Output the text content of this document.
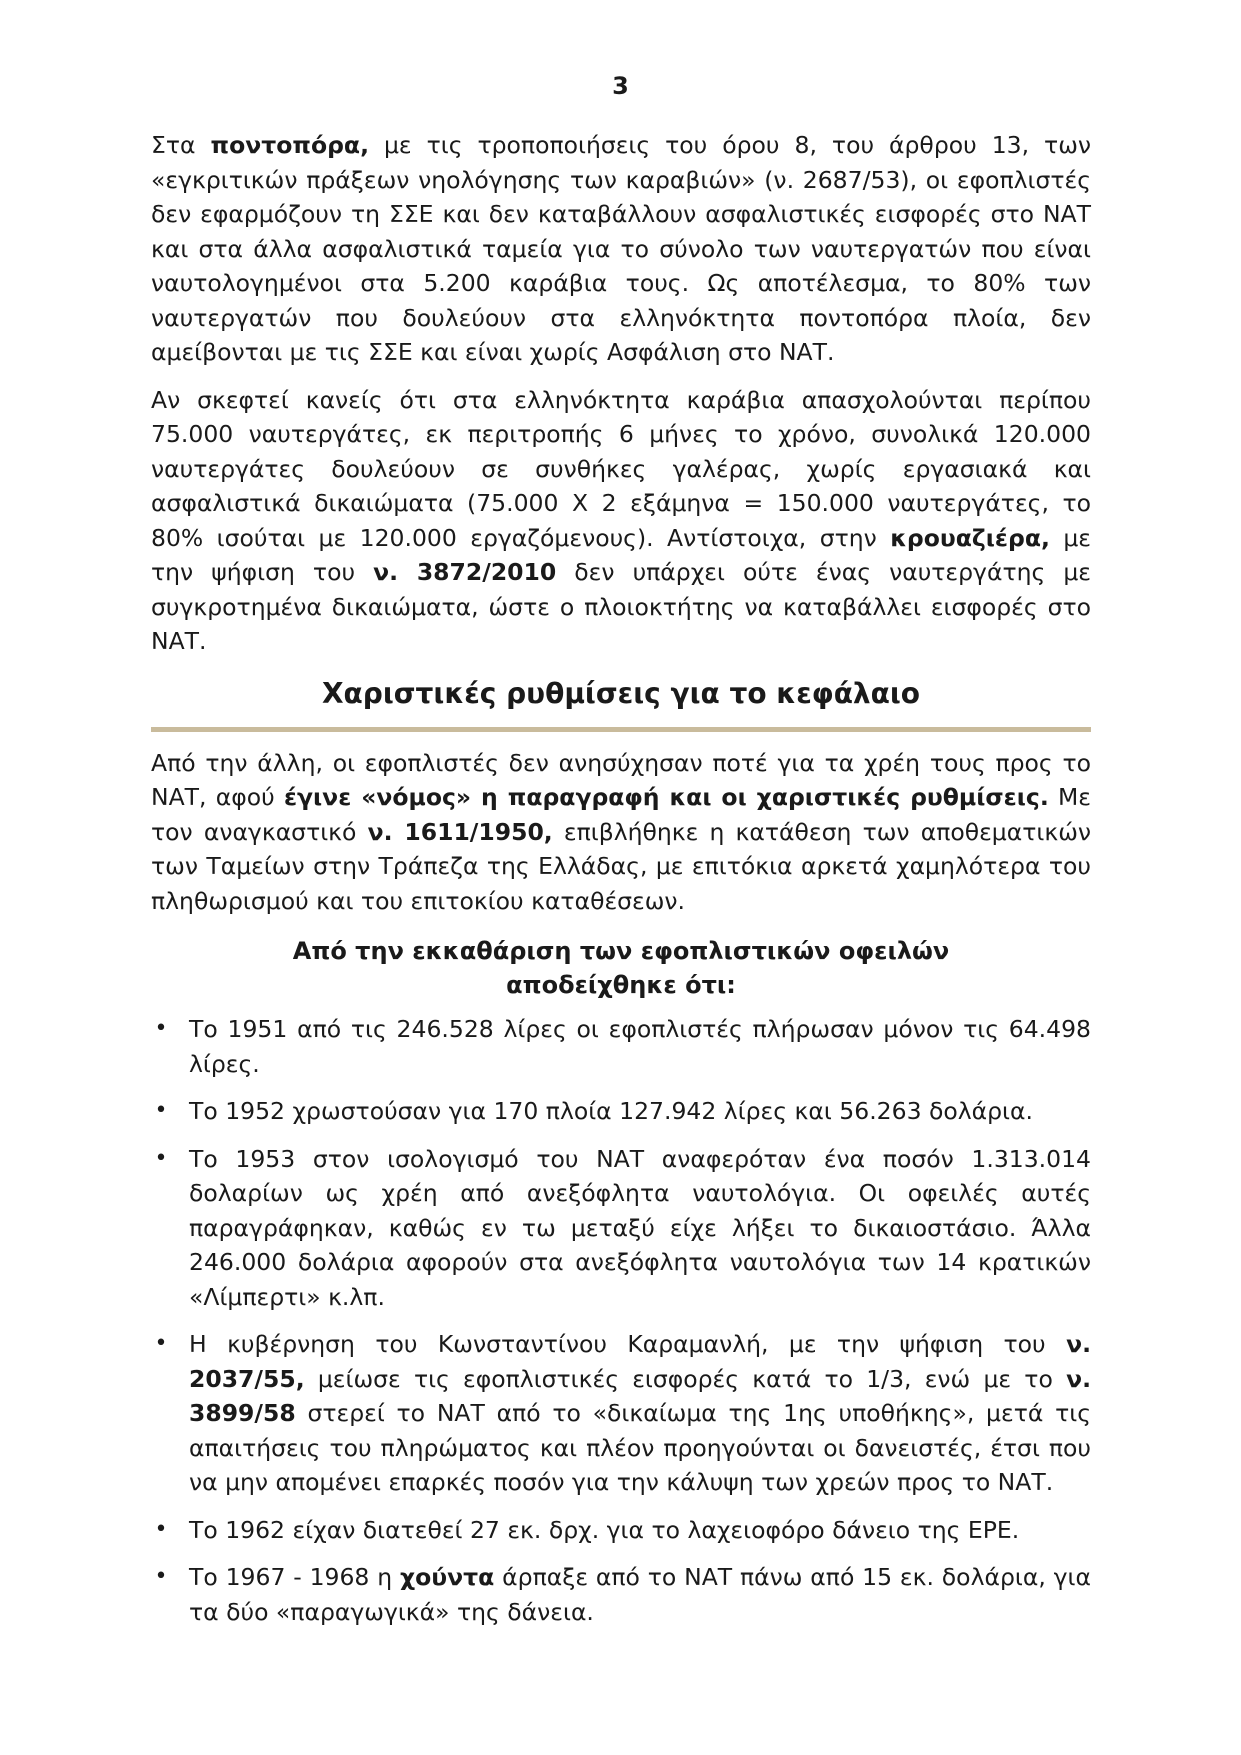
3

Στα ποντοπόρα, με τις τροποποιήσεις του όρου 8, του άρθρου 13, των «εγκριτικών πράξεων νηολόγησης των καραβιών» (ν. 2687/53), οι εφοπλιστές δεν εφαρμόζουν τη ΣΣΕ και δεν καταβάλλουν ασφαλιστικές εισφορές στο ΝΑΤ και στα άλλα ασφαλιστικά ταμεία για το σύνολο των ναυτεργατών που είναι ναυτολογημένοι στα 5.200 καράβια τους. Ως αποτέλεσμα, το 80% των ναυτεργατών που δουλεύουν στα ελληνόκτητα ποντοπόρα πλοία, δεν αμείβονται με τις ΣΣΕ και είναι χωρίς Ασφάλιση στο ΝΑΤ.

Αν σκεφτεί κανείς ότι στα ελληνόκτητα καράβια απασχολούνται περίπου 75.000 ναυτεργάτες, εκ περιτροπής 6 μήνες το χρόνο, συνολικά 120.000 ναυτεργάτες δουλεύουν σε συνθήκες γαλέρας, χωρίς εργασιακά και ασφαλιστικά δικαιώματα (75.000 Χ 2 εξάμηνα = 150.000 ναυτεργάτες, το 80% ισούται με 120.000 εργαζόμενους). Αντίστοιχα, στην κρουαζιέρα, με την ψήφιση του ν. 3872/2010 δεν υπάρχει ούτε ένας ναυτεργάτης με συγκροτημένα δικαιώματα, ώστε ο πλοιοκτήτης να καταβάλλει εισφορές στο ΝΑΤ.

Χαριστικές ρυθμίσεις για το κεφάλαιο

Από την άλλη, οι εφοπλιστές δεν ανησύχησαν ποτέ για τα χρέη τους προς το ΝΑΤ, αφού έγινε «νόμος» η παραγραφή και οι χαριστικές ρυθμίσεις. Με τον αναγκαστικό ν. 1611/1950, επιβλήθηκε η κατάθεση των αποθεματικών των Ταμείων στην Τράπεζα της Ελλάδας, με επιτόκια αρκετά χαμηλότερα του πληθωρισμού και του επιτοκίου καταθέσεων.

Από την εκκαθάριση των εφοπλιστικών οφειλών
αποδείχθηκε ότι:
• Το 1951 από τις 246.528 λίρες οι εφοπλιστές πλήρωσαν μόνον τις 64.498 λίρες.
• Το 1952 χρωστούσαν για 170 πλοία 127.942 λίρες και 56.263 δολάρια.
• Το 1953 στον ισολογισμό του ΝΑΤ αναφερόταν ένα ποσόν 1.313.014 δολαρίων ως χρέη από ανεξόφλητα ναυτολόγια. Οι οφειλές αυτές παραγράφηκαν, καθώς εν τω μεταξύ είχε λήξει το δικαιοστάσιο. Άλλα 246.000 δολάρια αφορούν στα ανεξόφλητα ναυτολόγια των 14 κρατικών «Λίμπερτι» κ.λπ.
• Η κυβέρνηση του Κωνσταντίνου Καραμανλή, με την ψήφιση του ν. 2037/55, μείωσε τις εφοπλιστικές εισφορές κατά το 1/3, ενώ με το ν. 3899/58 στερεί το ΝΑΤ από το «δικαίωμα της 1ης υποθήκης», μετά τις απαιτήσεις του πληρώματος και πλέον προηγούνται οι δανειστές, έτσι που να μην απομένει επαρκές ποσόν για την κάλυψη των χρεών προς το ΝΑΤ.
• Το 1962 είχαν διατεθεί 27 εκ. δρχ. για το λαχειοφόρο δάνειο της ΕΡΕ.
• Το 1967 - 1968 η χούντα άρπαξε από το ΝΑΤ πάνω από 15 εκ. δολάρια, για τα δύο «παραγωγικά» της δάνεια.
